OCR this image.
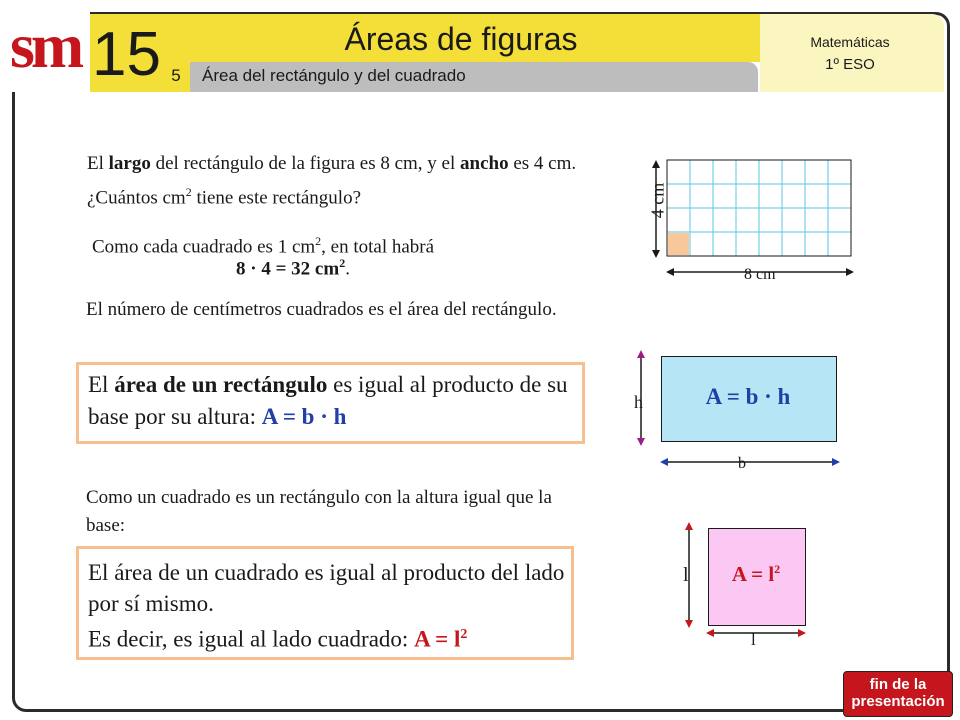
sm 15	Áreas de figuras
5	Área del rectángulo y del cuadrado
Matemáticas
1º ESO
El largo del rectángulo de la figura es 8 cm, y el ancho es 4 cm. ¿Cuántos $cm^2$ tiene este rectángulo?
Como cada cuadrado es 1 $cm^2$, en total habrá
8 · 4 = 32 $cm^2$.
El número de centímetros cuadrados es el área del rectángulo.
4 cm
8 cm
El área de un rectángulo es igual al producto de su base por su altura: A = b · h
A = b · h
h
b
Como un cuadrado es un rectángulo con la altura igual que la base:
El área de un cuadrado es igual al producto del lado por sí mismo.
Es decir, es igual al lado cuadrado: $A = l^2$
$A = l^2$
l
l
fin de la
presentación
